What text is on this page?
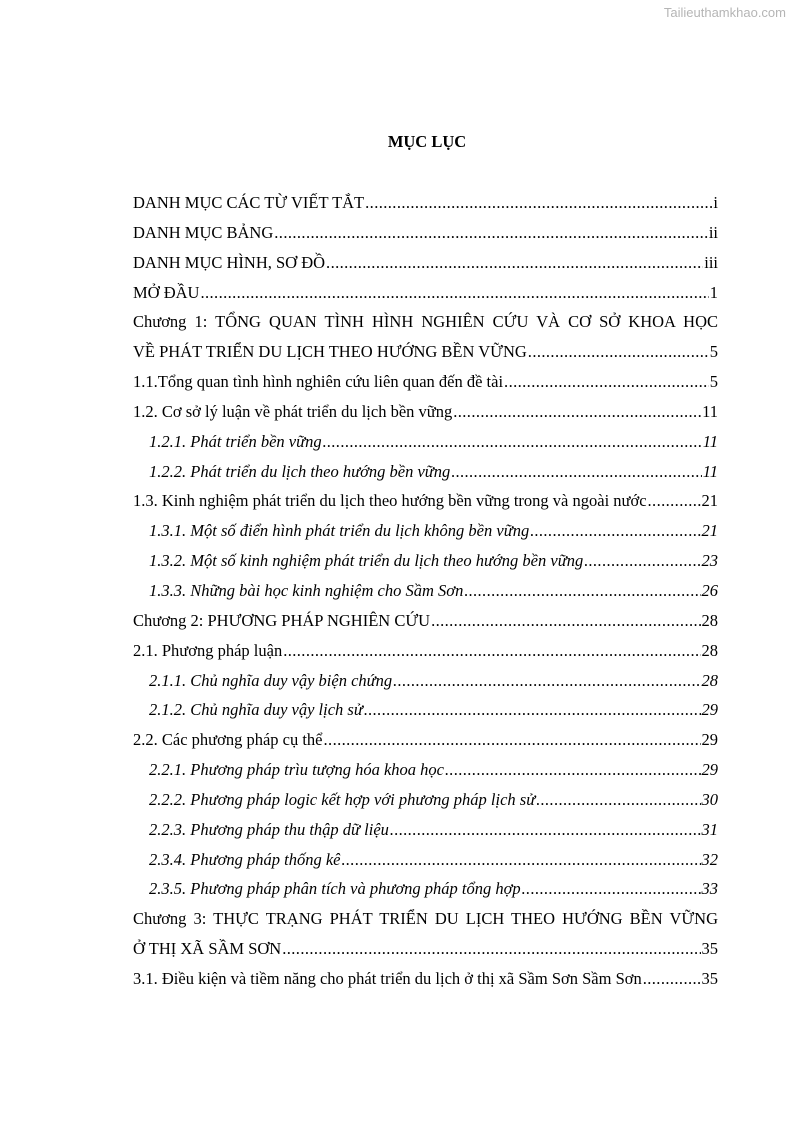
Tailieuthamkhao.com
MỤC LỤC
DANH MỤC CÁC TỪ VIẾT TẮT .....	i
DANH MỤC BẢNG .....	ii
DANH MỤC HÌNH, SƠ ĐỒ .....	iii
MỞ ĐẦU .....	1
Chương 1: TỔNG QUAN TÌNH HÌNH NGHIÊN CỨU VÀ CƠ SỞ KHOA HỌC
VỀ PHÁT TRIỂN DU LỊCH THEO HƯỚNG BỀN VỮNG .....	5
1.1.Tổng quan tình hình nghiên cứu liên quan đến đề tài .....	5
1.2. Cơ sở lý luận về phát triển du lịch bền vững .....	11
1.2.1. Phát triển bền vững .....	11
1.2.2. Phát triển du lịch theo hướng bền vững .....	11
1.3. Kinh nghiệm phát triển du lịch theo hướng bền vững trong và ngoài nước .....	21
1.3.1. Một số điển hình phát triển du lịch không bền vững .....	21
1.3.2. Một số kinh nghiệm phát triển du lịch theo hướng bền vững .....	23
1.3.3. Những bài học kinh nghiệm cho Sầm Sơn .....	26
Chương 2: PHƯƠNG PHÁP NGHIÊN CỨU .....	28
2.1. Phương pháp luận .....	28
2.1.1. Chủ nghĩa duy vậy biện chứng .....	28
2.1.2. Chủ nghĩa duy vậy lịch sử .....	29
2.2. Các phương pháp cụ thể .....	29
2.2.1. Phương pháp trìu tượng hóa khoa học .....	29
2.2.2. Phương pháp logic kết hợp với phương pháp lịch sử .....	30
2.2.3. Phương pháp thu thập dữ liệu .....	31
2.3.4. Phương pháp thống kê .....	32
2.3.5. Phương pháp phân tích và phương pháp tổng hợp .....	33
Chương 3: THỰC TRẠNG PHÁT TRIỂN DU LỊCH THEO HƯỚNG BỀN VỮNG
Ở THỊ XÃ SẦM SƠN .....	35
3.1. Điều kiện và tiềm năng cho phát triển du lịch ở thị xã Sầm Sơn Sầm Sơn .....	35
